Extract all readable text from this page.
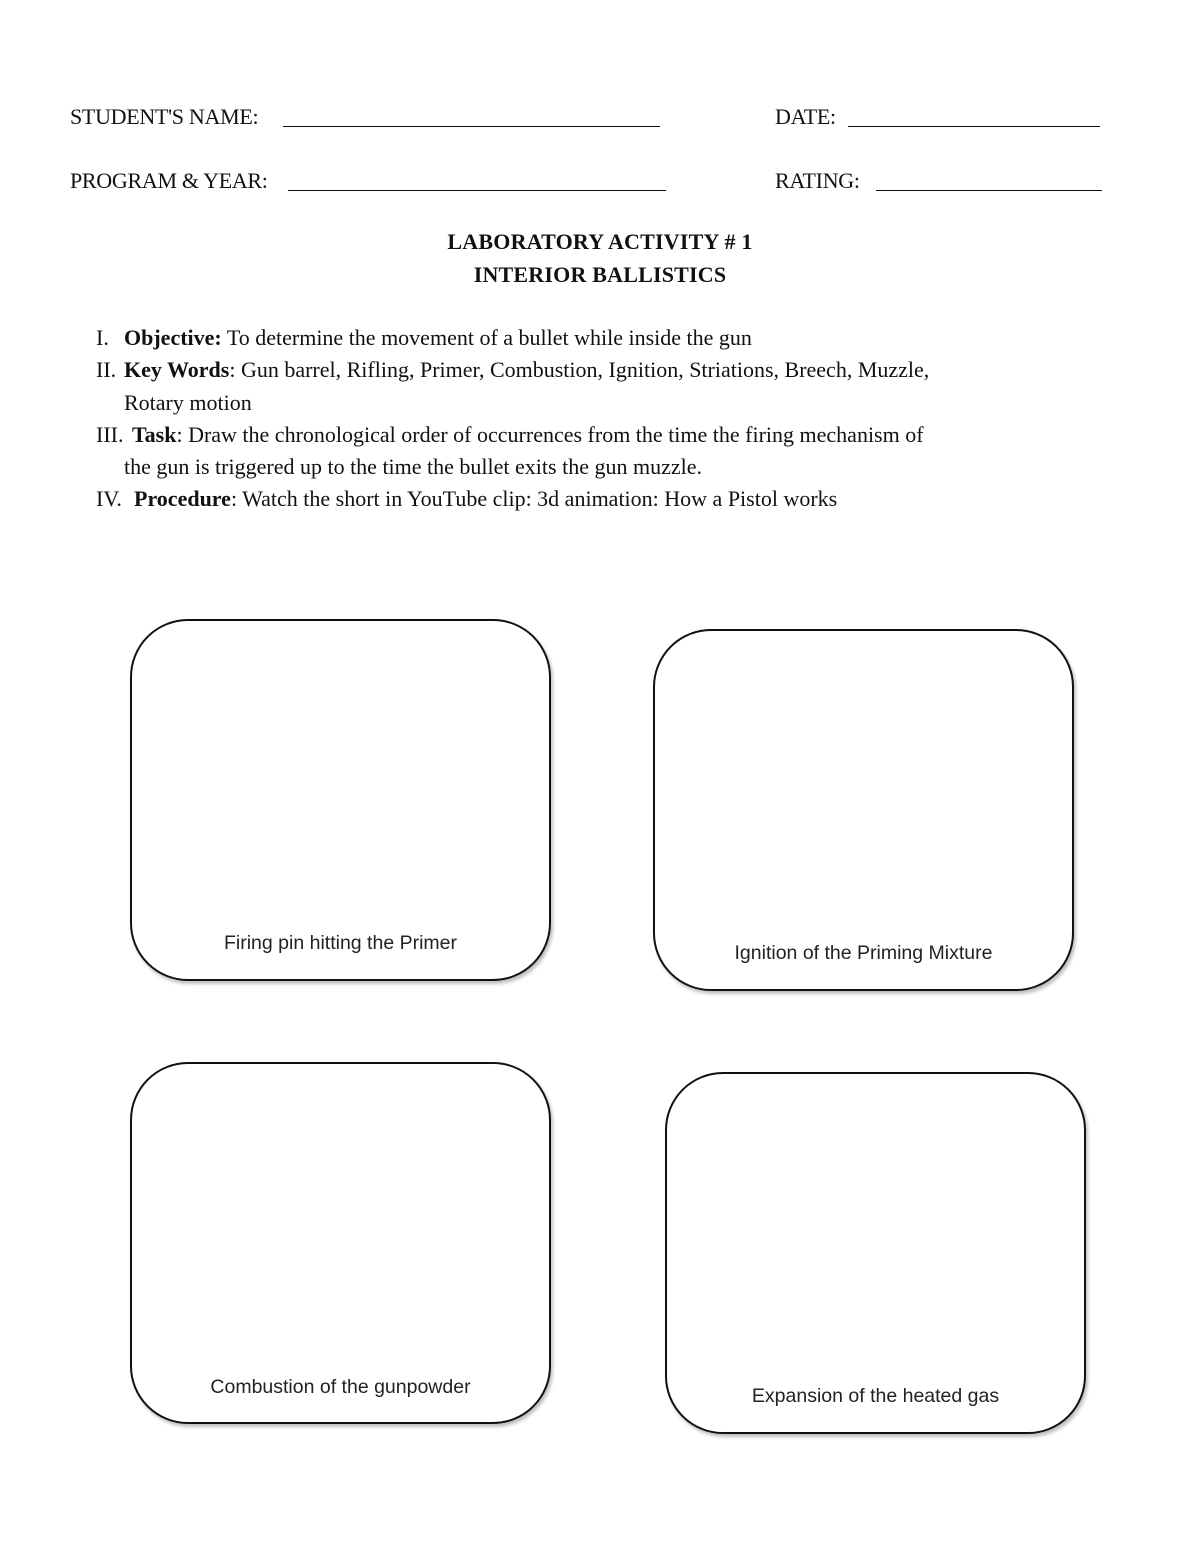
STUDENT'S NAME:	DATE:
PROGRAM & YEAR:	RATING:
LABORATORY ACTIVITY # 1
INTERIOR BALLISTICS
I. Objective: To determine the movement of a bullet while inside the gun
II. Key Words: Gun barrel, Rifling, Primer, Combustion, Ignition, Striations, Breech, Muzzle,
Rotary motion
III. Task: Draw the chronological order of occurrences from the time the firing mechanism of
the gun is triggered up to the time the bullet exits the gun muzzle.
IV. Procedure: Watch the short in YouTube clip: 3d animation: How a Pistol works
Firing pin hitting the Primer	Ignition of the Priming Mixture
Combustion of the gunpowder	Expansion of the heated gas
